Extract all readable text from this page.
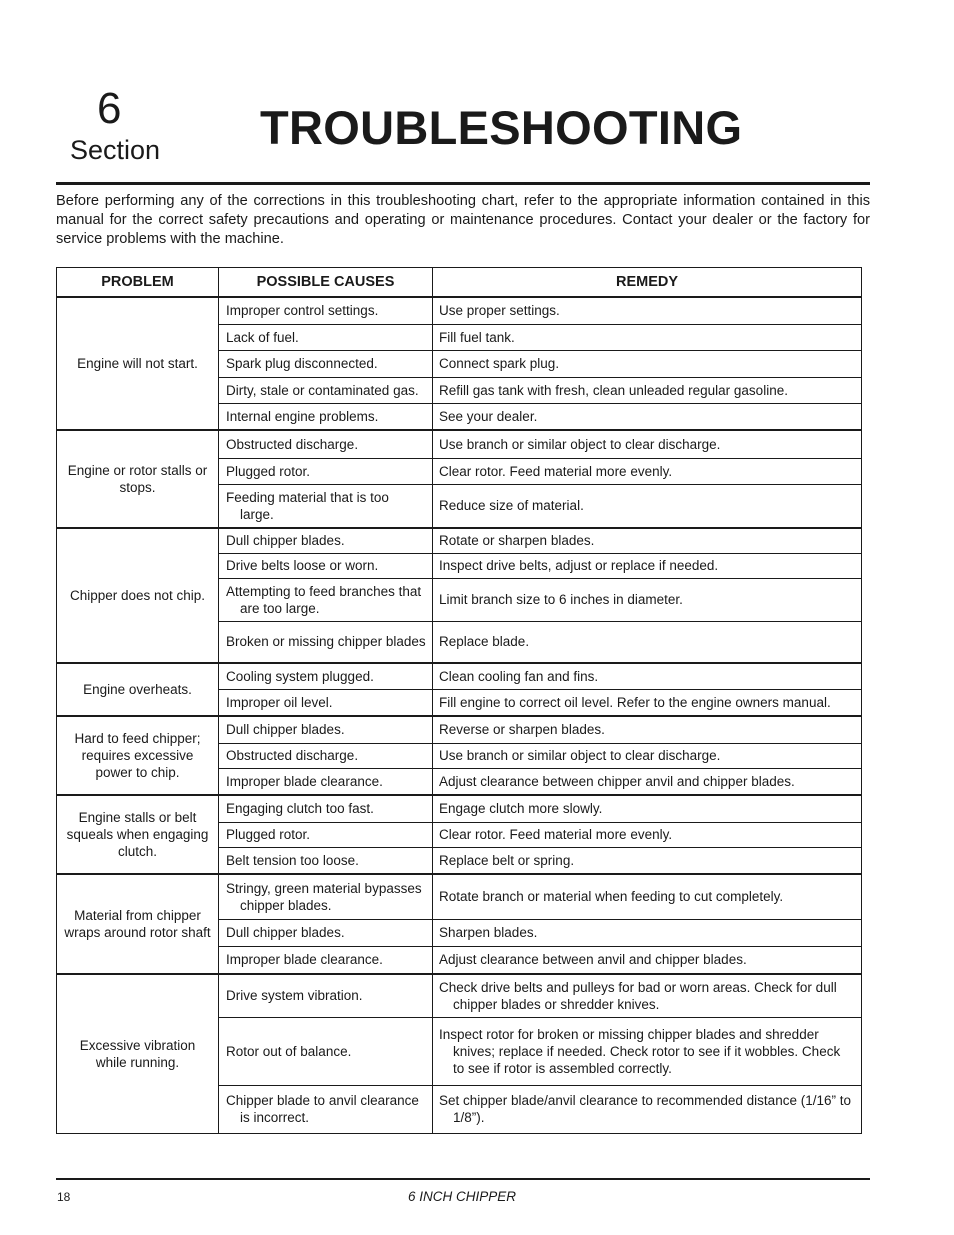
6
Section TROUBLESHOOTING

Before performing any of the corrections in this troubleshooting chart, refer to the appropriate information contained in this manual for the correct safety precautions and operating or maintenance procedures. Contact your dealer or the factory for service problems with the machine.

PROBLEM	POSSIBLE CAUSES	REMEDY
Engine will not start.	Improper control settings.	Use proper settings.

	Lack of fuel.	Fill fuel tank.

	Spark plug disconnected.	Connect spark plug.

	Dirty, stale or contaminated gas.	Refill gas tank with fresh, clean unleaded regular gasoline.

	Internal engine problems.	See your dealer.

Engine or rotor stalls or stops.	Obstructed discharge.	Use branch or similar object to clear discharge.

	Plugged rotor.	Clear rotor. Feed material more evenly.

	Feeding material that is too large.	Reduce size of material.

Chipper does not chip.	Dull chipper blades.	Rotate or sharpen blades.

	Drive belts loose or worn.	Inspect drive belts, adjust or replace if needed.

	Attempting to feed branches that are too large.	Limit branch size to 6 inches in diameter.

	Broken or missing chipper blades	Replace blade.

Engine overheats.	Cooling system plugged.	Clean cooling fan and fins.

	Improper oil level.	Fill engine to correct oil level. Refer to the engine owners manual.

Hard to feed chipper; requires excessive power to chip.	Dull chipper blades.	Reverse or sharpen blades.

	Obstructed discharge.	Use branch or similar object to clear discharge.

	Improper blade clearance.	Adjust clearance between chipper anvil and chipper blades.

Engine stalls or belt squeals when engaging clutch.	Engaging clutch too fast.	Engage clutch more slowly.

	Plugged rotor.	Clear rotor. Feed material more evenly.

	Belt tension too loose.	Replace belt or spring.

Material from chipper wraps around rotor shaft	Stringy, green material bypasses chipper blades.	Rotate branch or material when feeding to cut completely.

	Dull chipper blades.	Sharpen blades.

	Improper blade clearance.	Adjust clearance between anvil and chipper blades.

Excessive vibration while running.	Drive system vibration.	Check drive belts and pulleys for bad or worn areas. Check for dull chipper blades or shredder knives.

	Rotor out of balance.	Inspect rotor for broken or missing chipper blades and shredder knives; replace if needed. Check rotor to see if it wobbles. Check to see if rotor is assembled correctly.

	Chipper blade to anvil clearance is incorrect.	Set chipper blade/anvil clearance to recommended distance (1/16” to 1/8”).
18	6 INCH CHIPPER
